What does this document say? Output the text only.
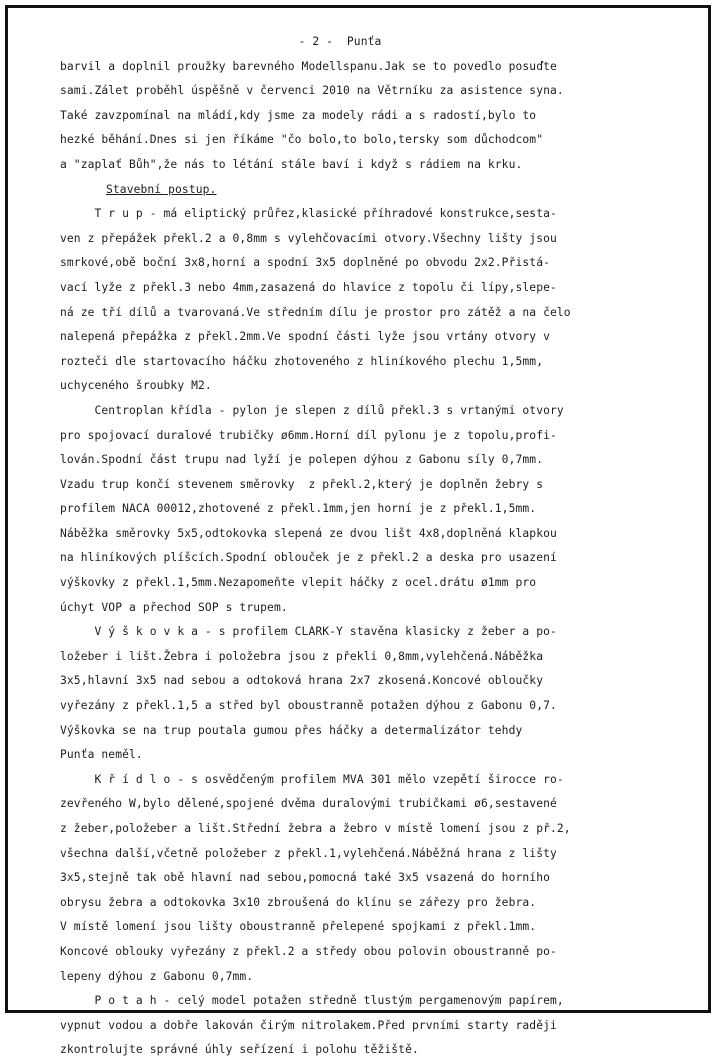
- 2 -  Punťa
barvil a doplnil proužky barevného Modellspanu.Jak se to povedlo posuďte
sami.Zálet proběhl úspěšně v červenci 2010 na Větrníku za asistence syna.
Také zavzpomínal na mládí,kdy jsme za modely rádi a s radostí,bylo to
hezké běhání.Dnes si jen říkáme "čo bolo,to bolo,tersky som důchodcom"
a "zaplať Bůh",že nás to létání stále baví i když s rádiem na krku.
Stavební postup.
T r u p - má eliptický průřez,klasické příhradové konstrukce,sesta-
ven z přepážek překl.2 a 0,8mm s vylehčovacími otvory.Všechny lišty jsou
smrkové,obě boční 3x8,horní a spodní 3x5 doplněné po obvodu 2x2.Přistá-
vací lyže z překl.3 nebo 4mm,zasazená do hlavice z topolu či lípy,slepe-
ná ze tří dílů a tvarovaná.Ve středním dílu je prostor pro zátěž a na čelo
nalepená přepážka z překl.2mm.Ve spodní části lyže jsou vrtány otvory v
rozteči dle startovacího háčku zhotoveného z hliníkového plechu 1,5mm,
uchyceného šroubky M2.
Centroplan křídla - pylon je slepen z dílů překl.3 s vrtanými otvory
pro spojovací duralové trubičky ø6mm.Horní díl pylonu je z topolu,profi-
lován.Spodní část trupu nad lyží je polepen dýhou z Gabonu síly 0,7mm.
Vzadu trup končí stevenem směrovky  z překl.2,který je doplněn žebry s
profilem NACA 00012,zhotovené z překl.1mm,jen horní je z překl.1,5mm.
Náběžka směrovky 5x5,odtokovka slepená ze dvou lišt 4x8,doplněná klapkou
na hliníkových plíšcích.Spodní oblouček je z překl.2 a deska pro usazení
výškovky z překl.1,5mm.Nezapomeňte vlepit háčky z ocel.drátu ø1mm pro
úchyt VOP a přechod SOP s trupem.
V ý š k o v k a - s profilem CLARK-Y stavěna klasicky z žeber a po-
ložeber i lišt.Žebra i položebra jsou z překli 0,8mm,vylehčená.Náběžka
3x5,hlavní 3x5 nad sebou a odtoková hrana 2x7 zkosená.Koncové obloučky
vyřezány z překl.1,5 a střed byl oboustranně potažen dýhou z Gabonu 0,7.
Výškovka se na trup poutala gumou přes háčky a determalizátor tehdy
Punťa neměl.
K ř í d l o - s osvědčeným profilem MVA 301 mělo vzepětí širocce ro-
zevřeného W,bylo dělené,spojené dvěma duralovými trubičkami ø6,sestavené
z žeber,položeber a lišt.Střední žebra a žebro v místě lomení jsou z př.2,
všechna další,včetně položeber z překl.1,vylehčená.Náběžná hrana z lišty
3x5,stejně tak obě hlavní nad sebou,pomocná také 3x5 vsazená do horního
obrysu žebra a odtokovka 3x10 zbroušená do klínu se zářezy pro žebra.
V místě lomení jsou lišty oboustranně přelepené spojkami z překl.1mm.
Koncové oblouky vyřezány z překl.2 a středy obou polovin oboustranně po-
lepeny dýhou z Gabonu 0,7mm.
P o t a h - celý model potažen středně tlustým pergamenovým papírem,
vypnut vodou a dobře lakován čirým nitrolakem.Před prvními starty raději
zkontrolujte správné úhly seřízení i polohu těžiště.
